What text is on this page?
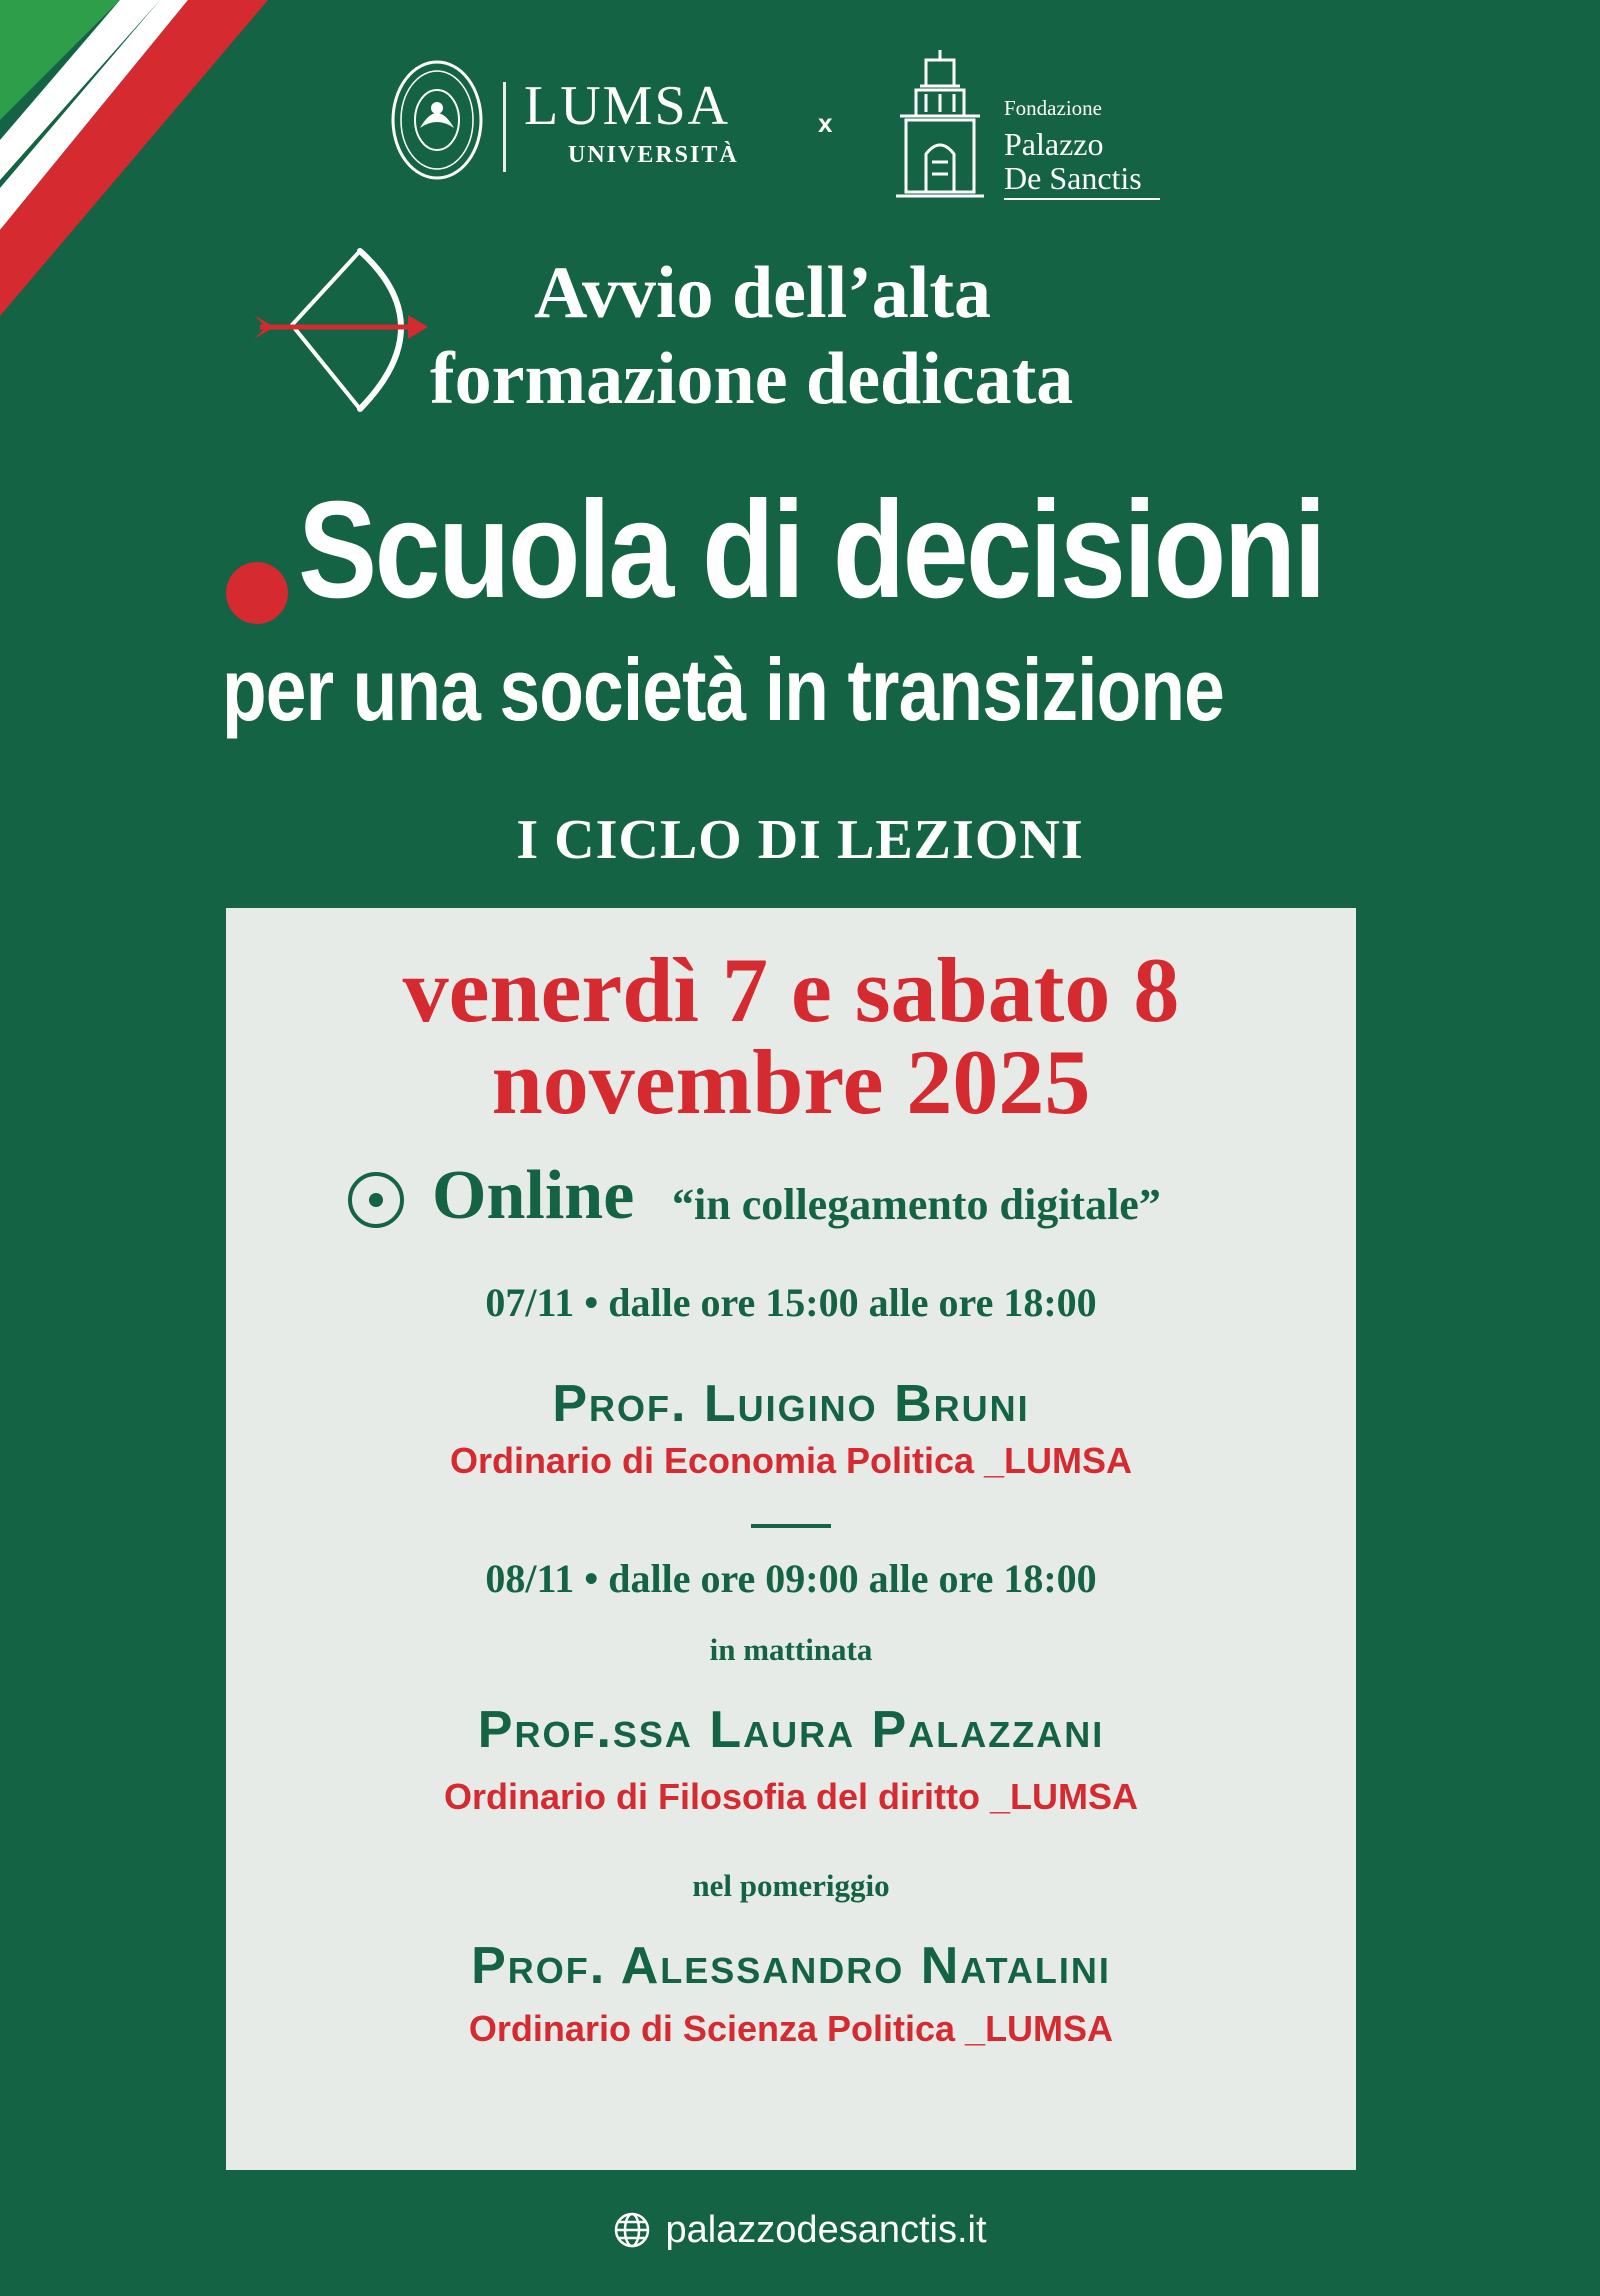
LUMSA
UNIVERSITÀ
x	Fondazione
Palazzo
De Sanctis
Avvio dell’alta
formazione dedicata
Scuola di decisioni
per una società in transizione
I CICLO DI LEZIONI

venerdì 7 e sabato 8

novembre 2025

Online “in collegamento digitale”

07/11 • dalle ore 15:00 alle ore 18:00

Prof. Luigino Bruni

Ordinario di Economia Politica _LUMSA

08/11 • dalle ore 09:00 alle ore 18:00

in mattinata

Prof.ssa Laura Palazzani

Ordinario di Filosofia del diritto _LUMSA

nel pomeriggio

Prof. Alessandro Natalini

Ordinario di Scienza Politica _LUMSA

palazzodesanctis.it
